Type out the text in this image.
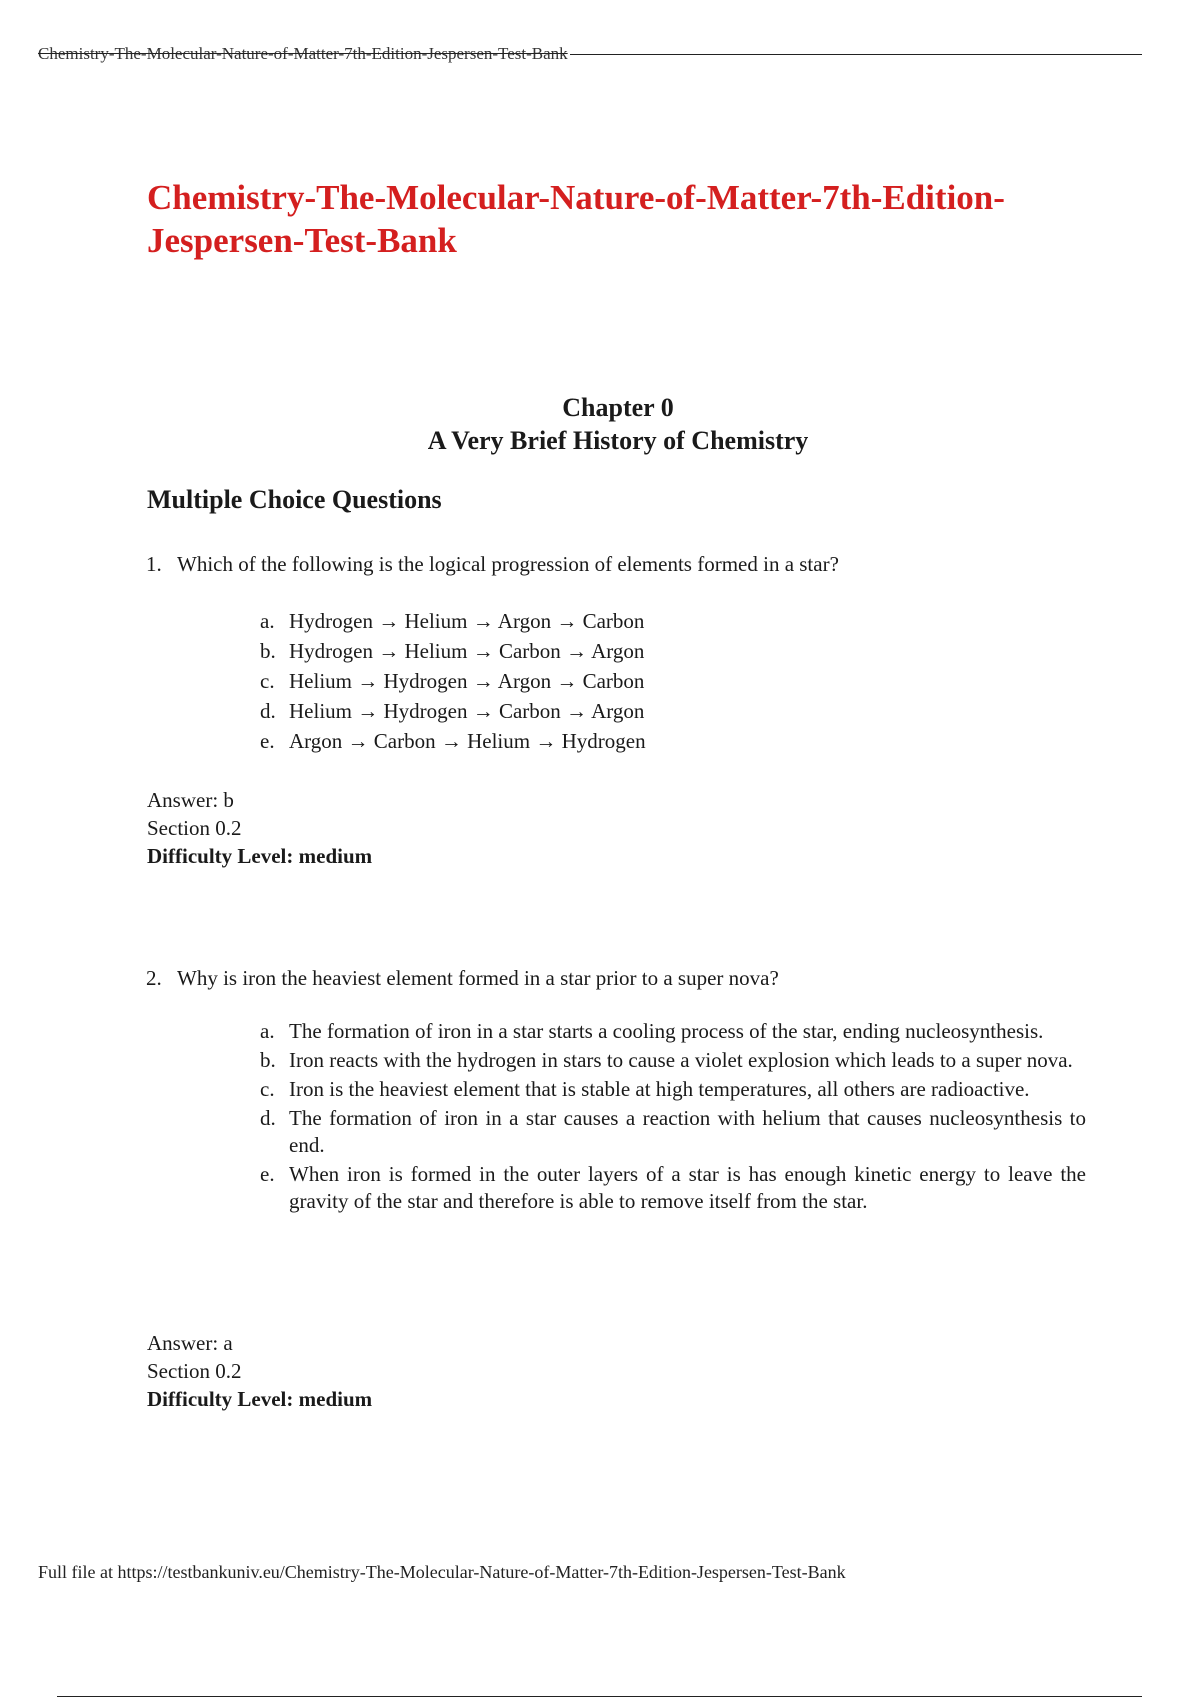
Chemistry-The-Molecular-Nature-of-Matter-7th-Edition-Jespersen-Test-Bank
Chemistry-The-Molecular-Nature-of-Matter-7th-Edition-
Jespersen-Test-Bank
Chapter 0
A Very Brief History of Chemistry
Multiple Choice Questions
1. Which of the following is the logical progression of elements formed in a star?
a. Hydrogen → Helium → Argon → Carbon
b. Hydrogen → Helium → Carbon → Argon
c. Helium → Hydrogen → Argon → Carbon
d. Helium → Hydrogen → Carbon → Argon
e. Argon → Carbon → Helium → Hydrogen
Answer: b
Section 0.2
Difficulty Level: medium
2. Why is iron the heaviest element formed in a star prior to a super nova?
a. The formation of iron in a star starts a cooling process of the star, ending nucleosynthesis.
b. Iron reacts with the hydrogen in stars to cause a violet explosion which leads to a super nova.
c. Iron is the heaviest element that is stable at high temperatures, all others are radioactive.
d. The formation of iron in a star causes a reaction with helium that causes nucleosynthesis to end.
e. When iron is formed in the outer layers of a star is has enough kinetic energy to leave the gravity of the star and therefore is able to remove itself from the star.
Answer: a
Section 0.2
Difficulty Level: medium
Full file at https://testbankuniv.eu/Chemistry-The-Molecular-Nature-of-Matter-7th-Edition-Jespersen-Test-Bank
